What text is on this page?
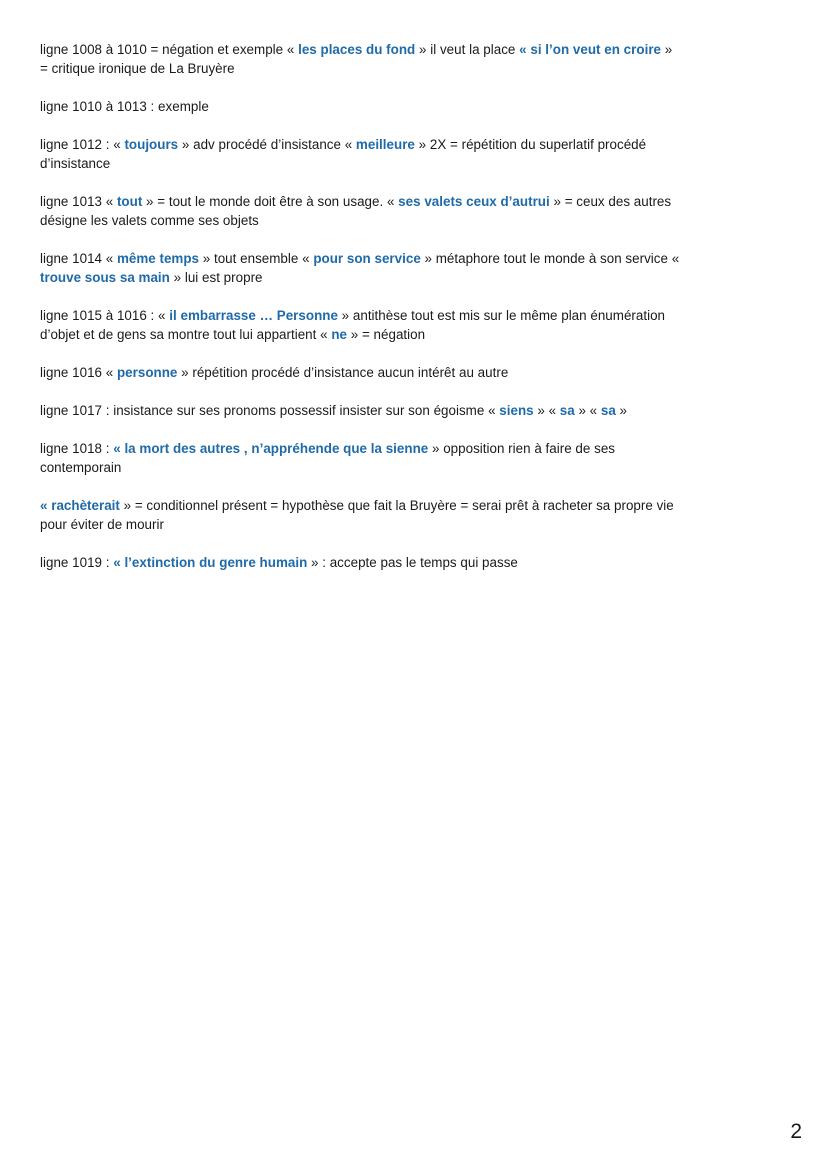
ligne 1008 à 1010 = négation et exemple « les places du fond » il veut la place « si l’on veut en croire » = critique ironique de La Bruyère

ligne 1010 à 1013 : exemple

ligne 1012 : « toujours » adv procédé d’insistance « meilleure » 2X = répétition du superlatif procédé d’insistance

ligne 1013 « tout » = tout le monde doit être à son usage. « ses valets ceux d’autrui » = ceux des autres désigne les valets comme ses objets

ligne 1014 « même temps » tout ensemble « pour son service » métaphore tout le monde à son service « trouve sous sa main » lui est propre

ligne 1015 à 1016 : « il embarrasse … Personne » antithèse tout est mis sur le même plan énumération d’objet et de gens sa montre tout lui appartient « ne » = négation

ligne 1016 « personne » répétition procédé d’insistance aucun intérêt au autre

ligne 1017 : insistance sur ses pronoms possessif insister sur son égoisme « siens » « sa » « sa »

ligne 1018 : « la mort des autres , n’appréhende que la sienne » opposition rien à faire de ses contemporain

« rachèterait » = conditionnel présent = hypothèse que fait la Bruyère = serai prêt à racheter sa propre vie pour éviter de mourir

ligne 1019 : « l’extinction du genre humain » : accepte pas le temps qui passe

2
